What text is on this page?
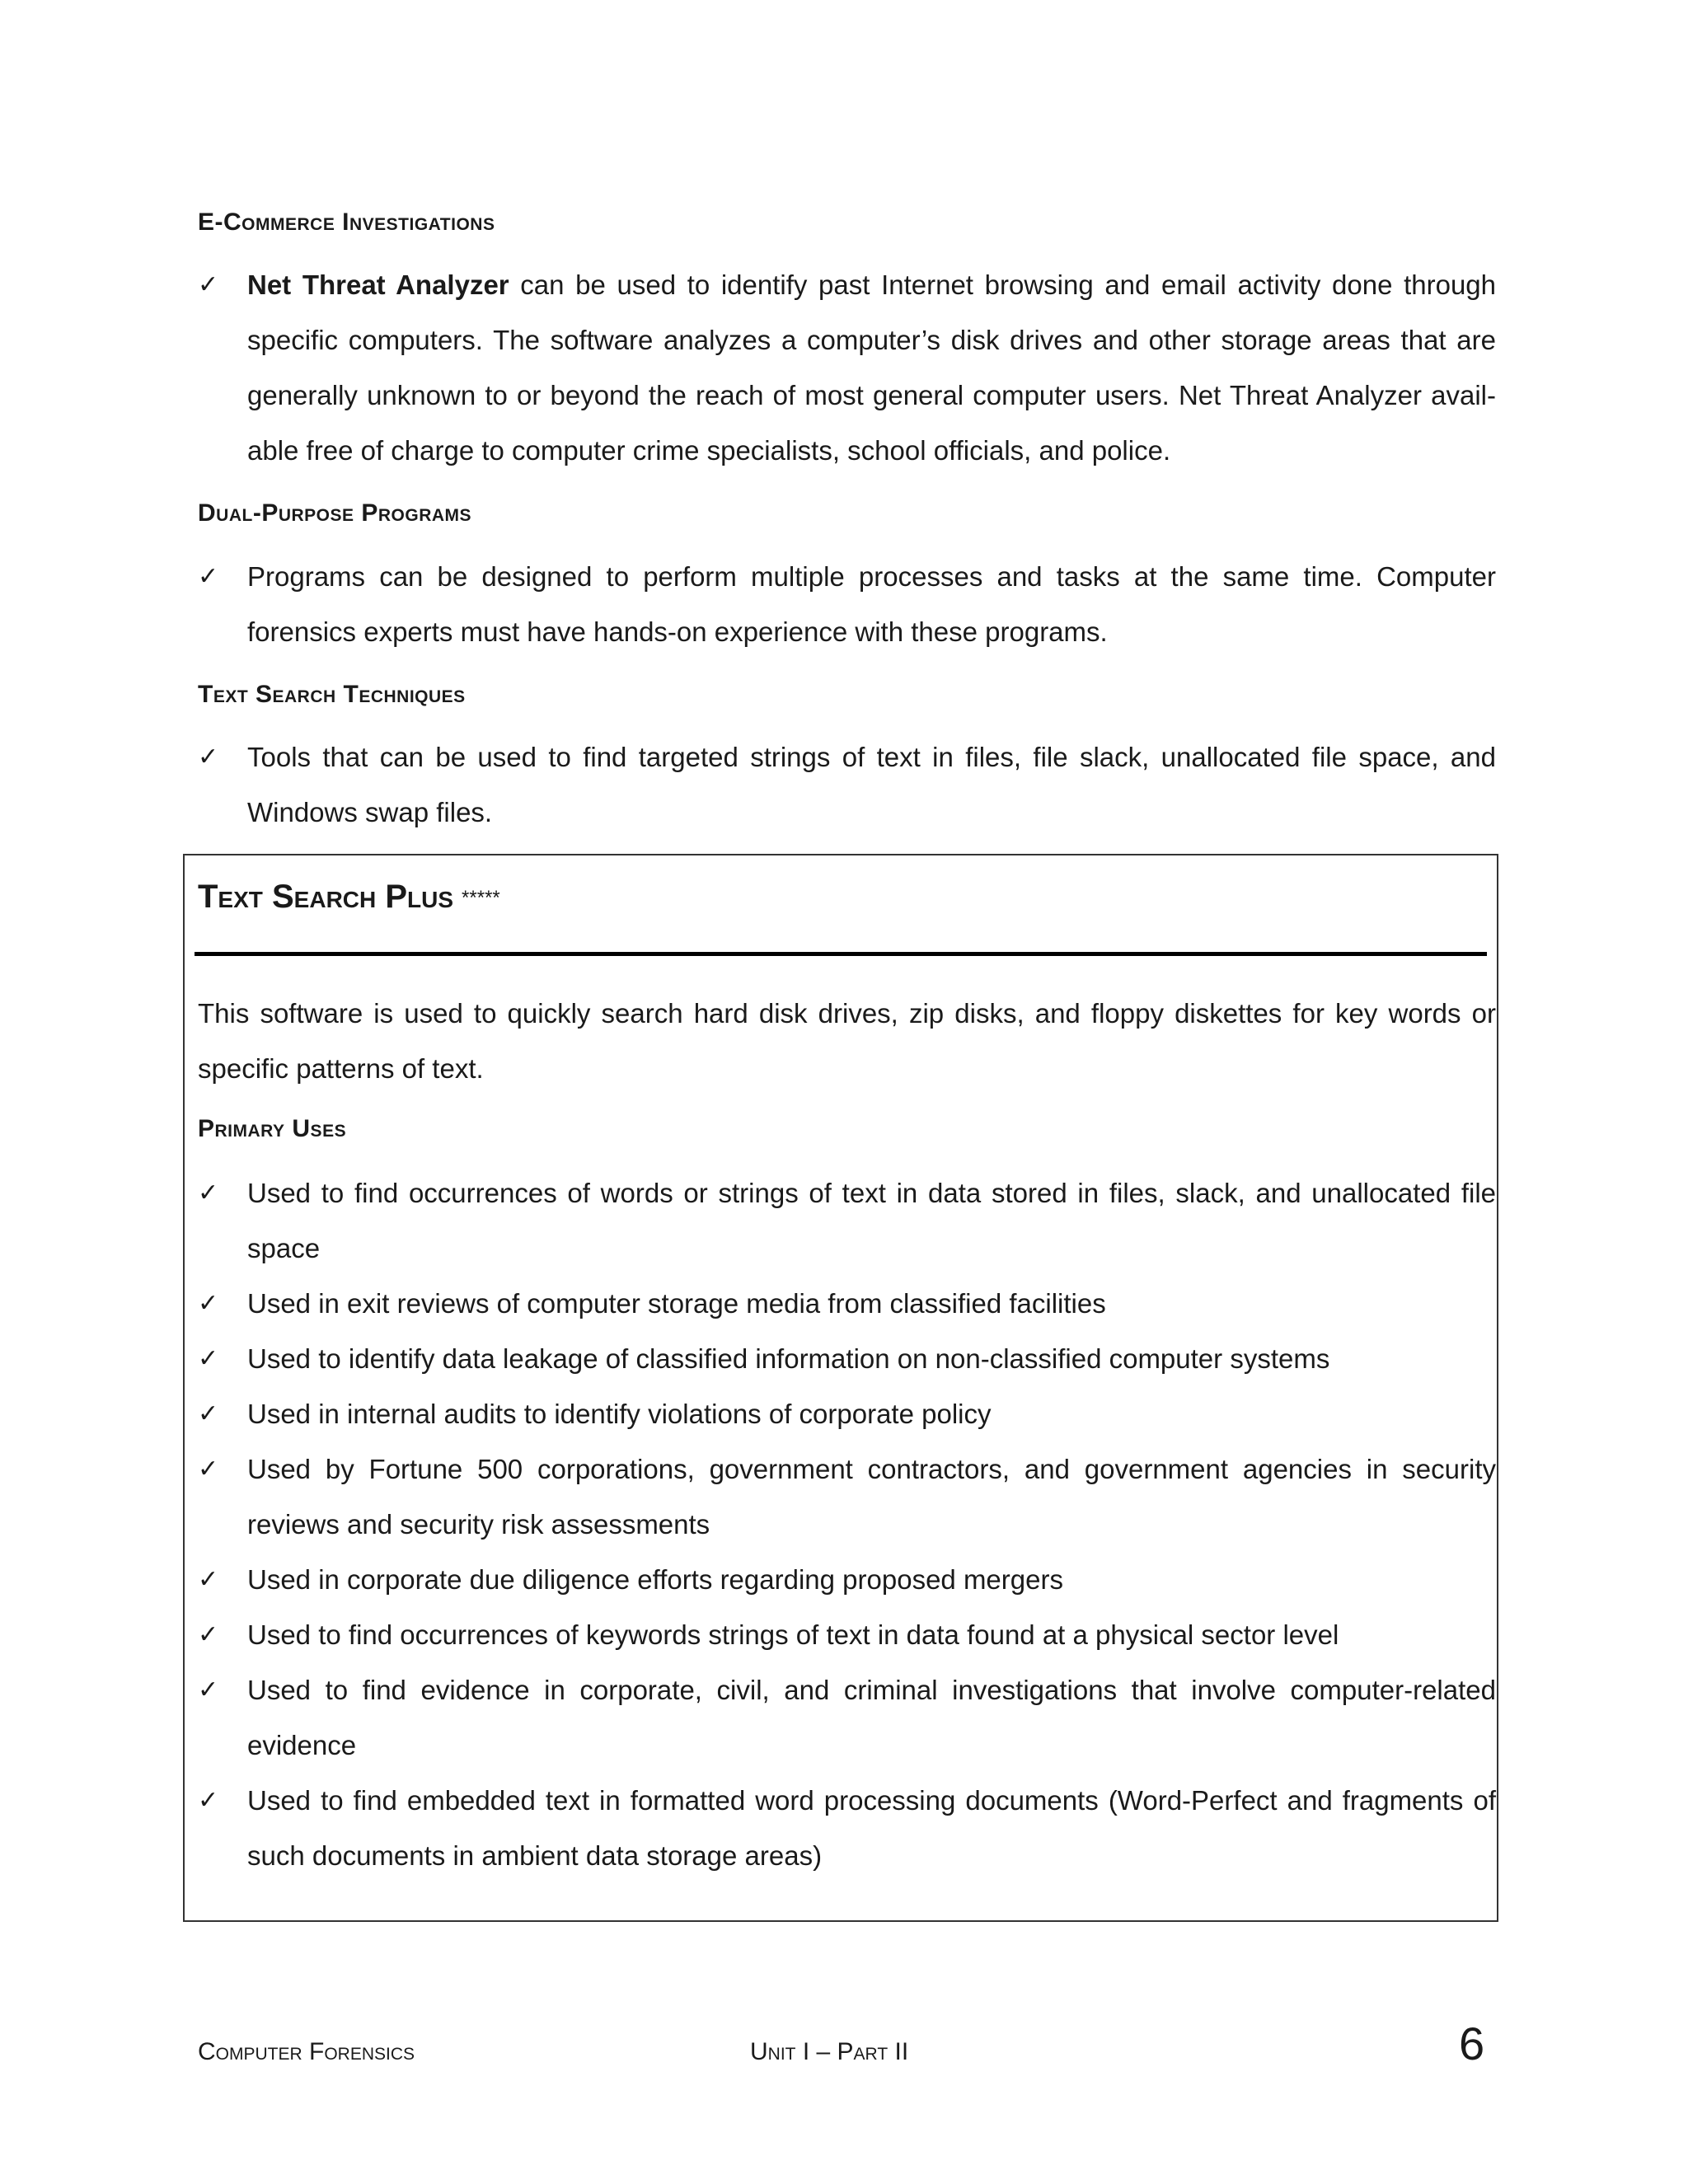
E-Commerce Investigations
✓	Net Threat Analyzer can be used to identify past Internet browsing and email activity done through specific computers. The software analyzes a computer’s disk drives and other storage areas that are generally unknown to or beyond the reach of most general computer users. Net Threat Analyzer avail-able free of charge to computer crime specialists, school officials, and police.
Dual-Purpose Programs
✓	Programs can be designed to perform multiple processes and tasks at the same time. Computer forensics experts must have hands-on experience with these programs.
Text Search Techniques
✓	Tools that can be used to find targeted strings of text in files, file slack, unallocated file space, and Windows swap files.
Text Search Plus *****
This software is used to quickly search hard disk drives, zip disks, and floppy diskettes for key words or specific patterns of text.
Primary Uses
✓	Used to find occurrences of words or strings of text in data stored in files, slack, and unallocated file space
✓	Used in exit reviews of computer storage media from classified facilities
✓	Used to identify data leakage of classified information on non-classified computer systems
✓	Used in internal audits to identify violations of corporate policy
✓	Used by Fortune 500 corporations, government contractors, and government agencies in security reviews and security risk assessments
✓	Used in corporate due diligence efforts regarding proposed mergers
✓	Used to find occurrences of keywords strings of text in data found at a physical sector level
✓	Used to find evidence in corporate, civil, and criminal investigations that involve computer-related evidence
✓	Used to find embedded text in formatted word processing documents (Word-Perfect and fragments of such documents in ambient data storage areas)
Computer Forensics	Unit I – Part II	6
